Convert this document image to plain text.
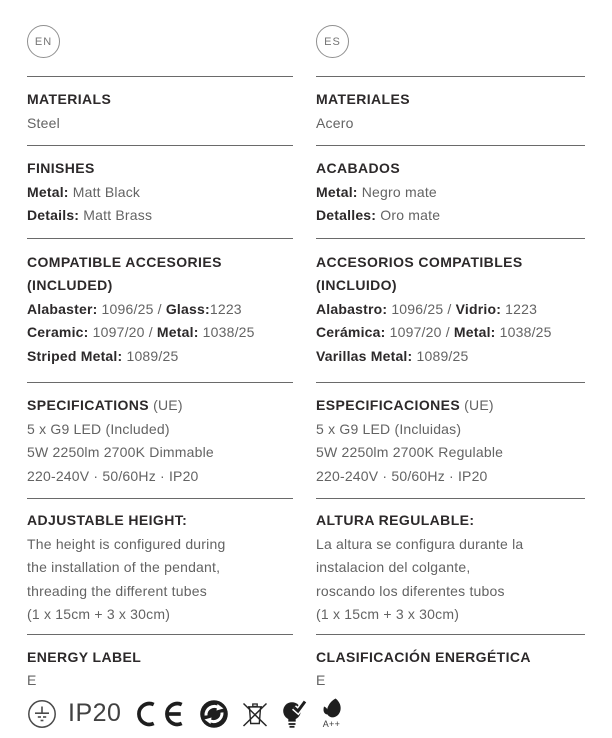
EN
MATERIALS
Steel
FINISHES
Metal: Matt Black
Details: Matt Brass
COMPATIBLE ACCESORIES
(INCLUDED)
Alabaster: 1096/25 / Glass:1223
Ceramic: 1097/20 / Metal: 1038/25
Striped Metal: 1089/25
SPECIFICATIONS (UE)
5 x G9 LED (Included)
5W 2250lm 2700K Dimmable
220-240V · 50/60Hz · IP20
ADJUSTABLE HEIGHT:
The height is configured during
the installation of the pendant,
threading the different tubes
(1 x 15cm + 3 x 30cm)
ENERGY LABEL
E
IP20	A++
ES
MATERIALES
Acero
ACABADOS
Metal: Negro mate
Detalles: Oro mate
ACCESORIOS COMPATIBLES
(INCLUIDO)
Alabastro: 1096/25 / Vidrio: 1223
Cerámica: 1097/20 / Metal: 1038/25
Varillas Metal: 1089/25
ESPECIFICACIONES (UE)
5 x G9 LED (Incluidas)
5W 2250lm 2700K Regulable
220-240V · 50/60Hz · IP20
ALTURA REGULABLE:
La altura se configura durante la
instalacion del colgante,
roscando los diferentes tubos
(1 x 15cm + 3 x 30cm)
CLASIFICACIÓN ENERGÉTICA
E
